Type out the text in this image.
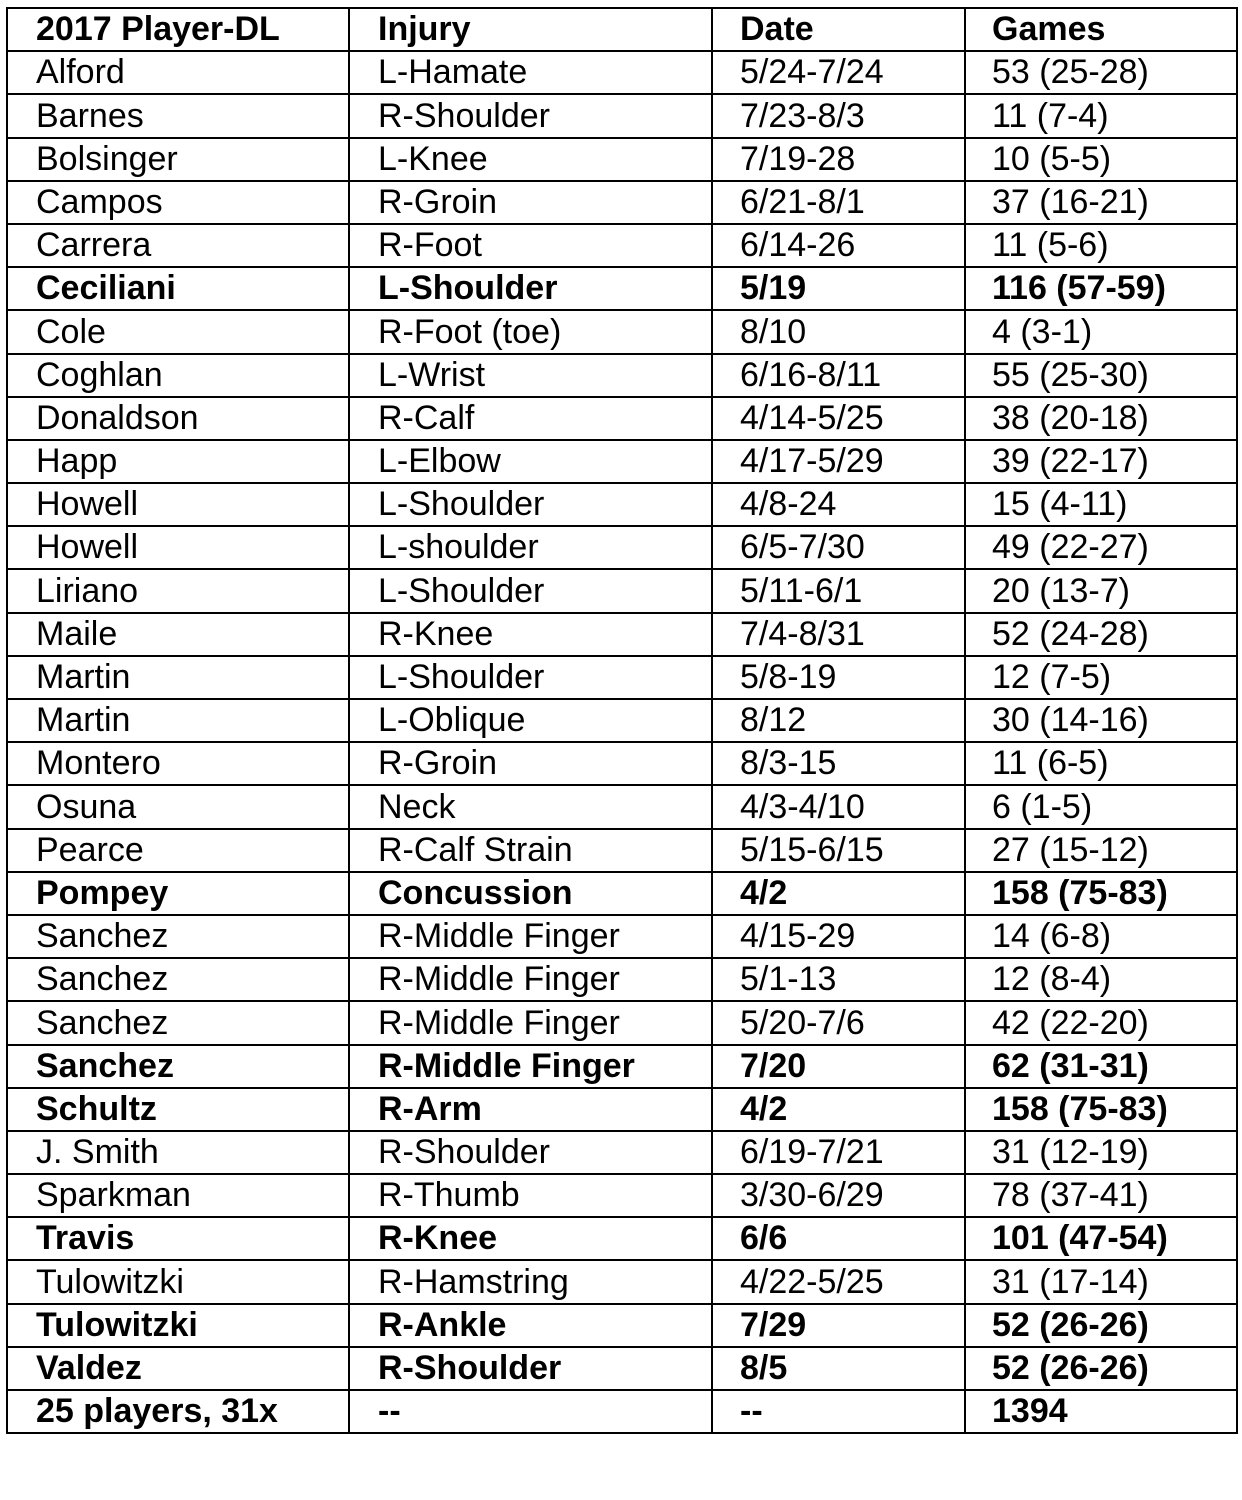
2017 Player-DL	Injury	Date	Games
Alford	L-Hamate	5/24-7/24	53 (25-28)
Barnes	R-Shoulder	7/23-8/3	11 (7-4)
Bolsinger	L-Knee	7/19-28	10 (5-5)
Campos	R-Groin	6/21-8/1	37 (16-21)
Carrera	R-Foot	6/14-26	11 (5-6)
Ceciliani	L-Shoulder	5/19	116 (57-59)
Cole	R-Foot (toe)	8/10	4 (3-1)
Coghlan	L-Wrist	6/16-8/11	55 (25-30)
Donaldson	R-Calf	4/14-5/25	38 (20-18)
Happ	L-Elbow	4/17-5/29	39 (22-17)
Howell	L-Shoulder	4/8-24	15 (4-11)
Howell	L-shoulder	6/5-7/30	49 (22-27)
Liriano	L-Shoulder	5/11-6/1	20 (13-7)
Maile	R-Knee	7/4-8/31	52 (24-28)
Martin	L-Shoulder	5/8-19	12 (7-5)
Martin	L-Oblique	8/12	30 (14-16)
Montero	R-Groin	8/3-15	11 (6-5)
Osuna	Neck	4/3-4/10	6 (1-5)
Pearce	R-Calf Strain	5/15-6/15	27 (15-12)
Pompey	Concussion	4/2	158 (75-83)
Sanchez	R-Middle Finger	4/15-29	14 (6-8)
Sanchez	R-Middle Finger	5/1-13	12 (8-4)
Sanchez	R-Middle Finger	5/20-7/6	42 (22-20)
Sanchez	R-Middle Finger	7/20	62 (31-31)
Schultz	R-Arm	4/2	158 (75-83)
J. Smith	R-Shoulder	6/19-7/21	31 (12-19)
Sparkman	R-Thumb	3/30-6/29	78 (37-41)
Travis	R-Knee	6/6	101 (47-54)
Tulowitzki	R-Hamstring	4/22-5/25	31 (17-14)
Tulowitzki	R-Ankle	7/29	52 (26-26)
Valdez	R-Shoulder	8/5	52 (26-26)
25 players, 31x	--	--	1394
